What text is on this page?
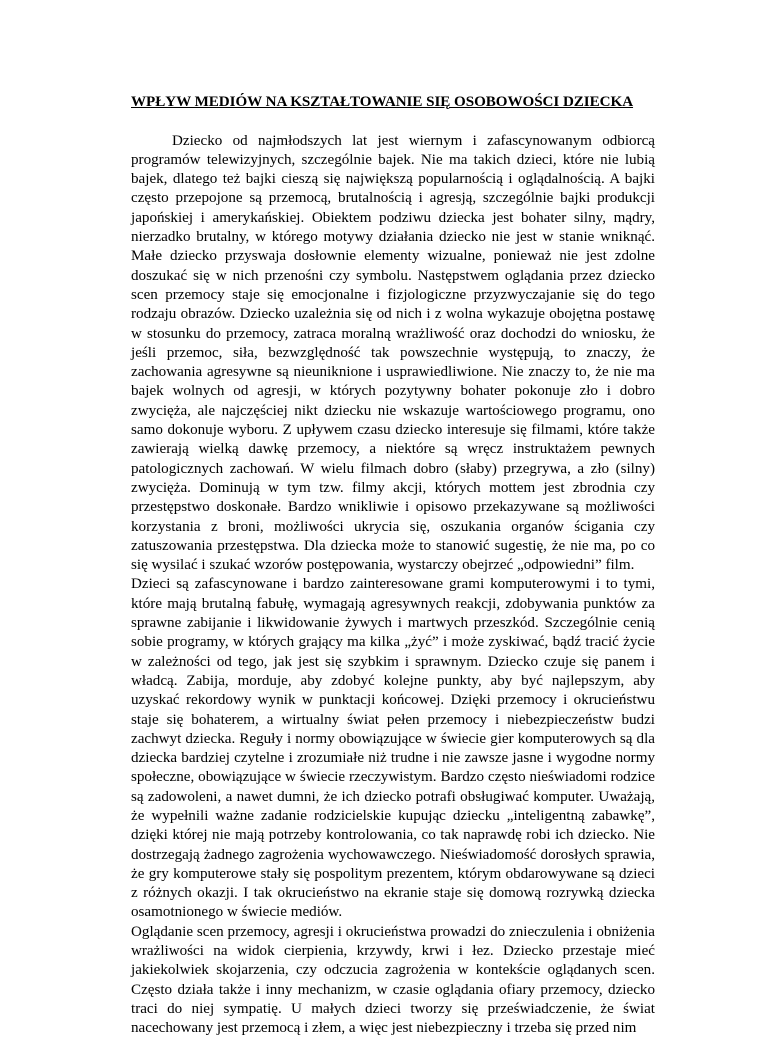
WPŁYW MEDIÓW NA KSZTAŁTOWANIE SIĘ OSOBOWOŚCI DZIECKA

Dziecko od najmłodszych lat jest wiernym i zafascynowanym odbiorcą programów telewizyjnych, szczególnie bajek. Nie ma takich dzieci, które nie lubią bajek, dlatego też bajki cieszą się największą popularnością i oglądalnością. A bajki często przepojone są przemocą, brutalnością i agresją, szczególnie bajki produkcji japońskiej i amerykańskiej. Obiektem podziwu dziecka jest bohater silny, mądry, nierzadko brutalny, w którego motywy działania dziecko nie jest w stanie wniknąć. Małe dziecko przyswaja dosłownie elementy wizualne, ponieważ nie jest zdolne doszukać się w nich przenośni czy symbolu. Następstwem oglądania przez dziecko scen przemocy staje się emocjonalne i fizjologiczne przyzwyczajanie się do tego rodzaju obrazów. Dziecko uzależnia się od nich i z wolna wykazuje obojętna postawę w stosunku do przemocy, zatraca moralną wrażliwość oraz dochodzi do wniosku, że jeśli przemoc, siła, bezwzględność tak powszechnie występują, to znaczy, że zachowania agresywne są nieuniknione i usprawiedliwione. Nie znaczy to, że nie ma bajek wolnych od agresji, w których pozytywny bohater pokonuje zło i dobro zwycięża, ale najczęściej nikt dziecku nie wskazuje wartościowego programu, ono samo dokonuje wyboru. Z upływem czasu dziecko interesuje się filmami, które także zawierają wielką dawkę przemocy, a niektóre są wręcz instruktażem pewnych patologicznych zachowań. W wielu filmach dobro (słaby) przegrywa, a zło (silny) zwycięża. Dominują w tym tzw. filmy akcji, których mottem jest zbrodnia czy przestępstwo doskonałe. Bardzo wnikliwie i opisowo przekazywane są możliwości korzystania z broni, możliwości ukrycia się, oszukania organów ścigania czy zatuszowania przestępstwa. Dla dziecka może to stanowić sugestię, że nie ma, po co się wysilać i szukać wzorów postępowania, wystarczy obejrzeć „odpowiedni” film.

Dzieci są zafascynowane i bardzo zainteresowane grami komputerowymi i to tymi, które mają brutalną fabułę, wymagają agresywnych reakcji, zdobywania punktów za sprawne zabijanie i likwidowanie żywych i martwych przeszkód. Szczególnie cenią sobie programy, w których grający ma kilka „żyć” i może zyskiwać, bądź tracić życie w zależności od tego, jak jest się szybkim i sprawnym. Dziecko czuje się panem i władcą. Zabija, morduje, aby zdobyć kolejne punkty, aby być najlepszym, aby uzyskać rekordowy wynik w punktacji końcowej. Dzięki przemocy i okrucieństwu staje się bohaterem, a wirtualny świat pełen przemocy i niebezpieczeństw budzi zachwyt dziecka. Reguły i normy obowiązujące w świecie gier komputerowych są dla dziecka bardziej czytelne i zrozumiałe niż trudne i nie zawsze jasne i wygodne normy społeczne, obowiązujące w świecie rzeczywistym. Bardzo często nieświadomi rodzice są zadowoleni, a nawet dumni, że ich dziecko potrafi obsługiwać komputer. Uważają, że wypełnili ważne zadanie rodzicielskie kupując dziecku „inteligentną zabawkę”, dzięki której nie mają potrzeby kontrolowania, co tak naprawdę robi ich dziecko. Nie dostrzegają żadnego zagrożenia wychowawczego. Nieświadomość dorosłych sprawia, że gry komputerowe stały się pospolitym prezentem, którym obdarowywane są dzieci z różnych okazji. I tak okrucieństwo na ekranie staje się domową rozrywką dziecka osamotnionego w świecie mediów.

Oglądanie scen przemocy, agresji i okrucieństwa prowadzi do znieczulenia i obniżenia wrażliwości na widok cierpienia, krzywdy, krwi i łez. Dziecko przestaje mieć jakiekolwiek skojarzenia, czy odczucia zagrożenia w kontekście oglądanych scen. Często działa także i inny mechanizm, w czasie oglądania ofiary przemocy, dziecko traci do niej sympatię. U małych dzieci tworzy się przeświadczenie, że świat nacechowany jest przemocą i złem, a więc jest niebezpieczny i trzeba się przed nim
